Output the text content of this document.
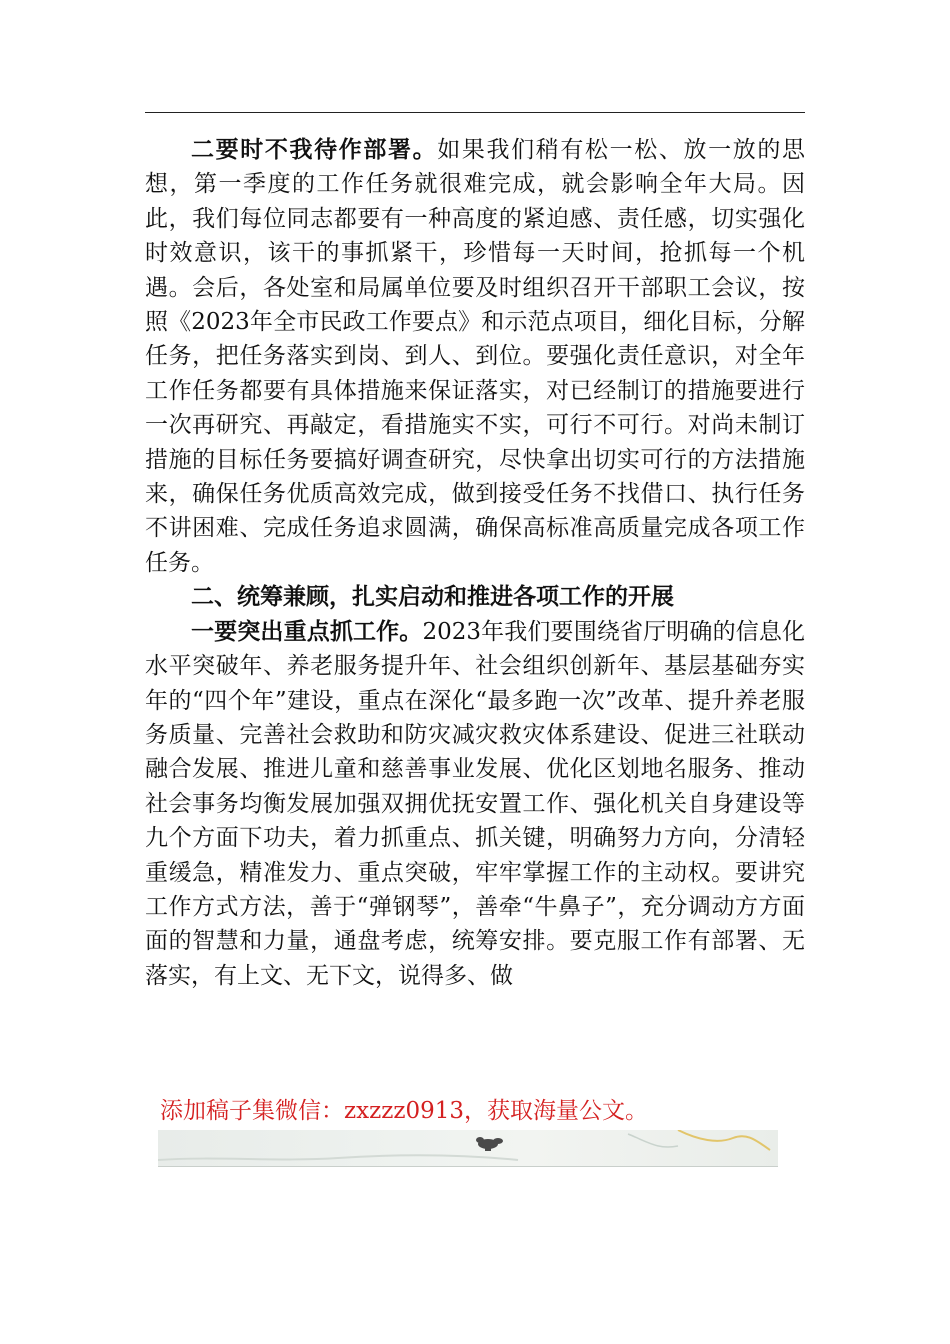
二要时不我待作部署。如果我们稍有松一松、放一放的思想，第一季度的工作任务就很难完成，就会影响全年大局。因此，我们每位同志都要有一种高度的紧迫感、责任感，切实强化时效意识，该干的事抓紧干，珍惜每一天时间，抢抓每一个机遇。会后，各处室和局属单位要及时组织召开干部职工会议，按照《2023年全市民政工作要点》和示范点项目，细化目标，分解任务，把任务落实到岗、到人、到位。要强化责任意识，对全年工作任务都要有具体措施来保证落实，对已经制订的措施要进行一次再研究、再敲定，看措施实不实，可行不可行。对尚未制订措施的目标任务要搞好调查研究，尽快拿出切实可行的方法措施来，确保任务优质高效完成，做到接受任务不找借口、执行任务不讲困难、完成任务追求圆满，确保高标准高质量完成各项工作任务。

二、统筹兼顾，扎实启动和推进各项工作的开展

一要突出重点抓工作。2023年我们要围绕省厅明确的信息化水平突破年、养老服务提升年、社会组织创新年、基层基础夯实年的“四个年”建设，重点在深化“最多跑一次”改革、提升养老服务质量、完善社会救助和防灾减灾救灾体系建设、促进三社联动融合发展、推进儿童和慈善事业发展、优化区划地名服务、推动社会事务均衡发展加强双拥优抚安置工作、强化机关自身建设等九个方面下功夫，着力抓重点、抓关键，明确努力方向，分清轻重缓急，精准发力、重点突破，牢牢掌握工作的主动权。要讲究工作方式方法，善于“弹钢琴”，善牵“牛鼻子”，充分调动方方面面的智慧和力量，通盘考虑，统筹安排。要克服工作有部署、无落实，有上文、无下文，说得多、做

添加稿子集微信：zxzzz0913，获取海量公文。
